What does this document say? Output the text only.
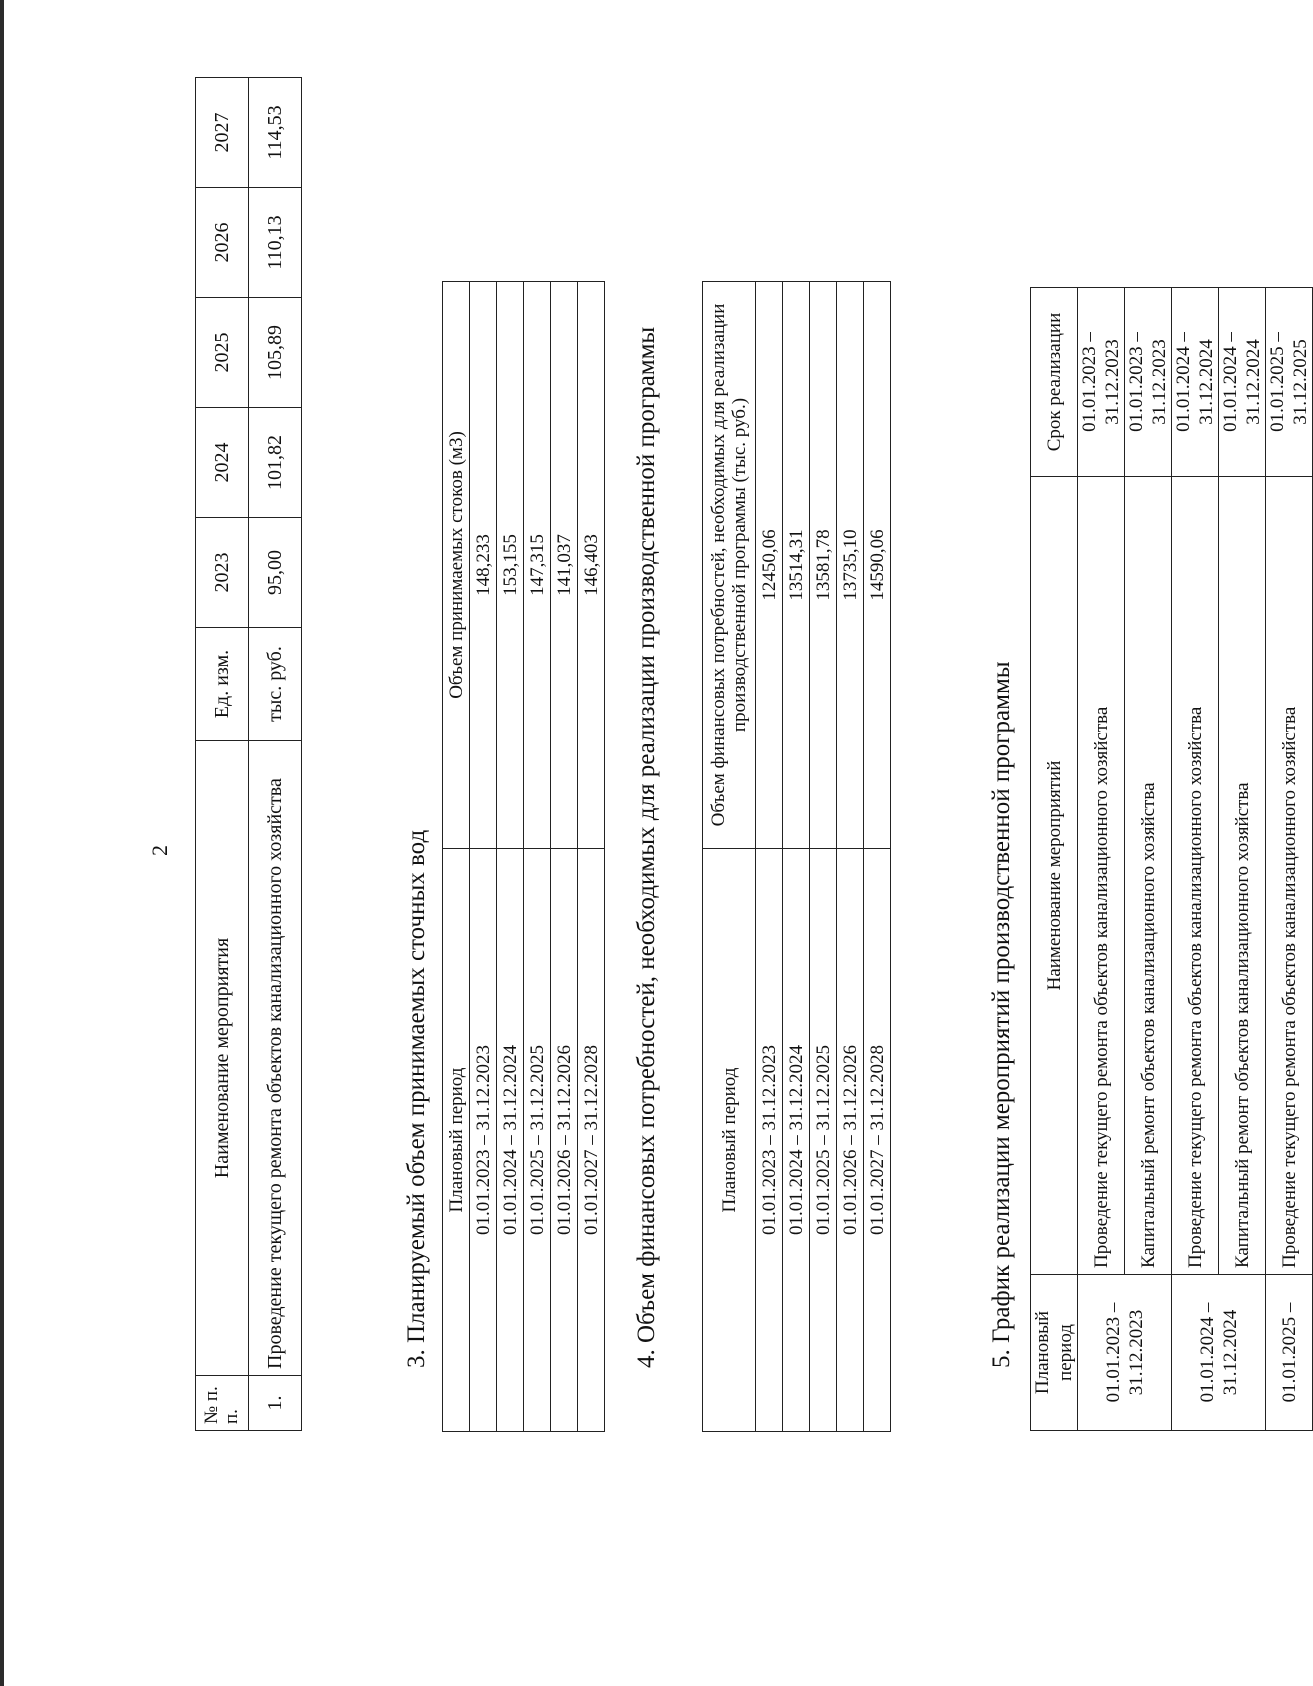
2
№ п. п.	Наименование мероприятия	Ед. изм.	2023	2024	2025	2026	2027
1.	Проведение текущего ремонта объектов канализационного хозяйства	тыс. руб.	95,00	101,82	105,89	110,13	114,53
3. Планируемый объем принимаемых сточных вод Плановый период	Объем принимаемых стоков (м3)
01.01.2023 – 31.12.2023	148,233
01.01.2024 – 31.12.2024	153,155
01.01.2025 – 31.12.2025	147,315
01.01.2026 – 31.12.2026	141,037
01.01.2027 – 31.12.2028	146,403 4. Объем финансовых потребностей, необходимых для реализации производственной программы	Плановый период	Объем финансовых потребностей, необходимых для реализации производственной программы (тыс. руб.)
01.01.2023 – 31.12.2023	12450,06
01.01.2024 – 31.12.2024	13514,31
01.01.2025 – 31.12.2025	13581,78
01.01.2026 – 31.12.2026	13735,10
01.01.2027 – 31.12.2028	14590,06
5. График реализации мероприятий производственной программы Плановый период	Наименование мероприятий	Срок реализации
01.01.2023 – 31.12.2023	Проведение текущего ремонта объектов канализационного хозяйства	01.01.2023 – 31.12.2023
	Капитальный ремонт объектов канализационного хозяйства	01.01.2023 – 31.12.2023
01.01.2024 – 31.12.2024	Проведение текущего ремонта объектов канализационного хозяйства	01.01.2024 – 31.12.2024
	Капитальный ремонт объектов канализационного хозяйства	01.01.2024 – 31.12.2024
01.01.2025 –	Проведение текущего ремонта объектов канализационного хозяйства	01.01.2025 – 31.12.2025
